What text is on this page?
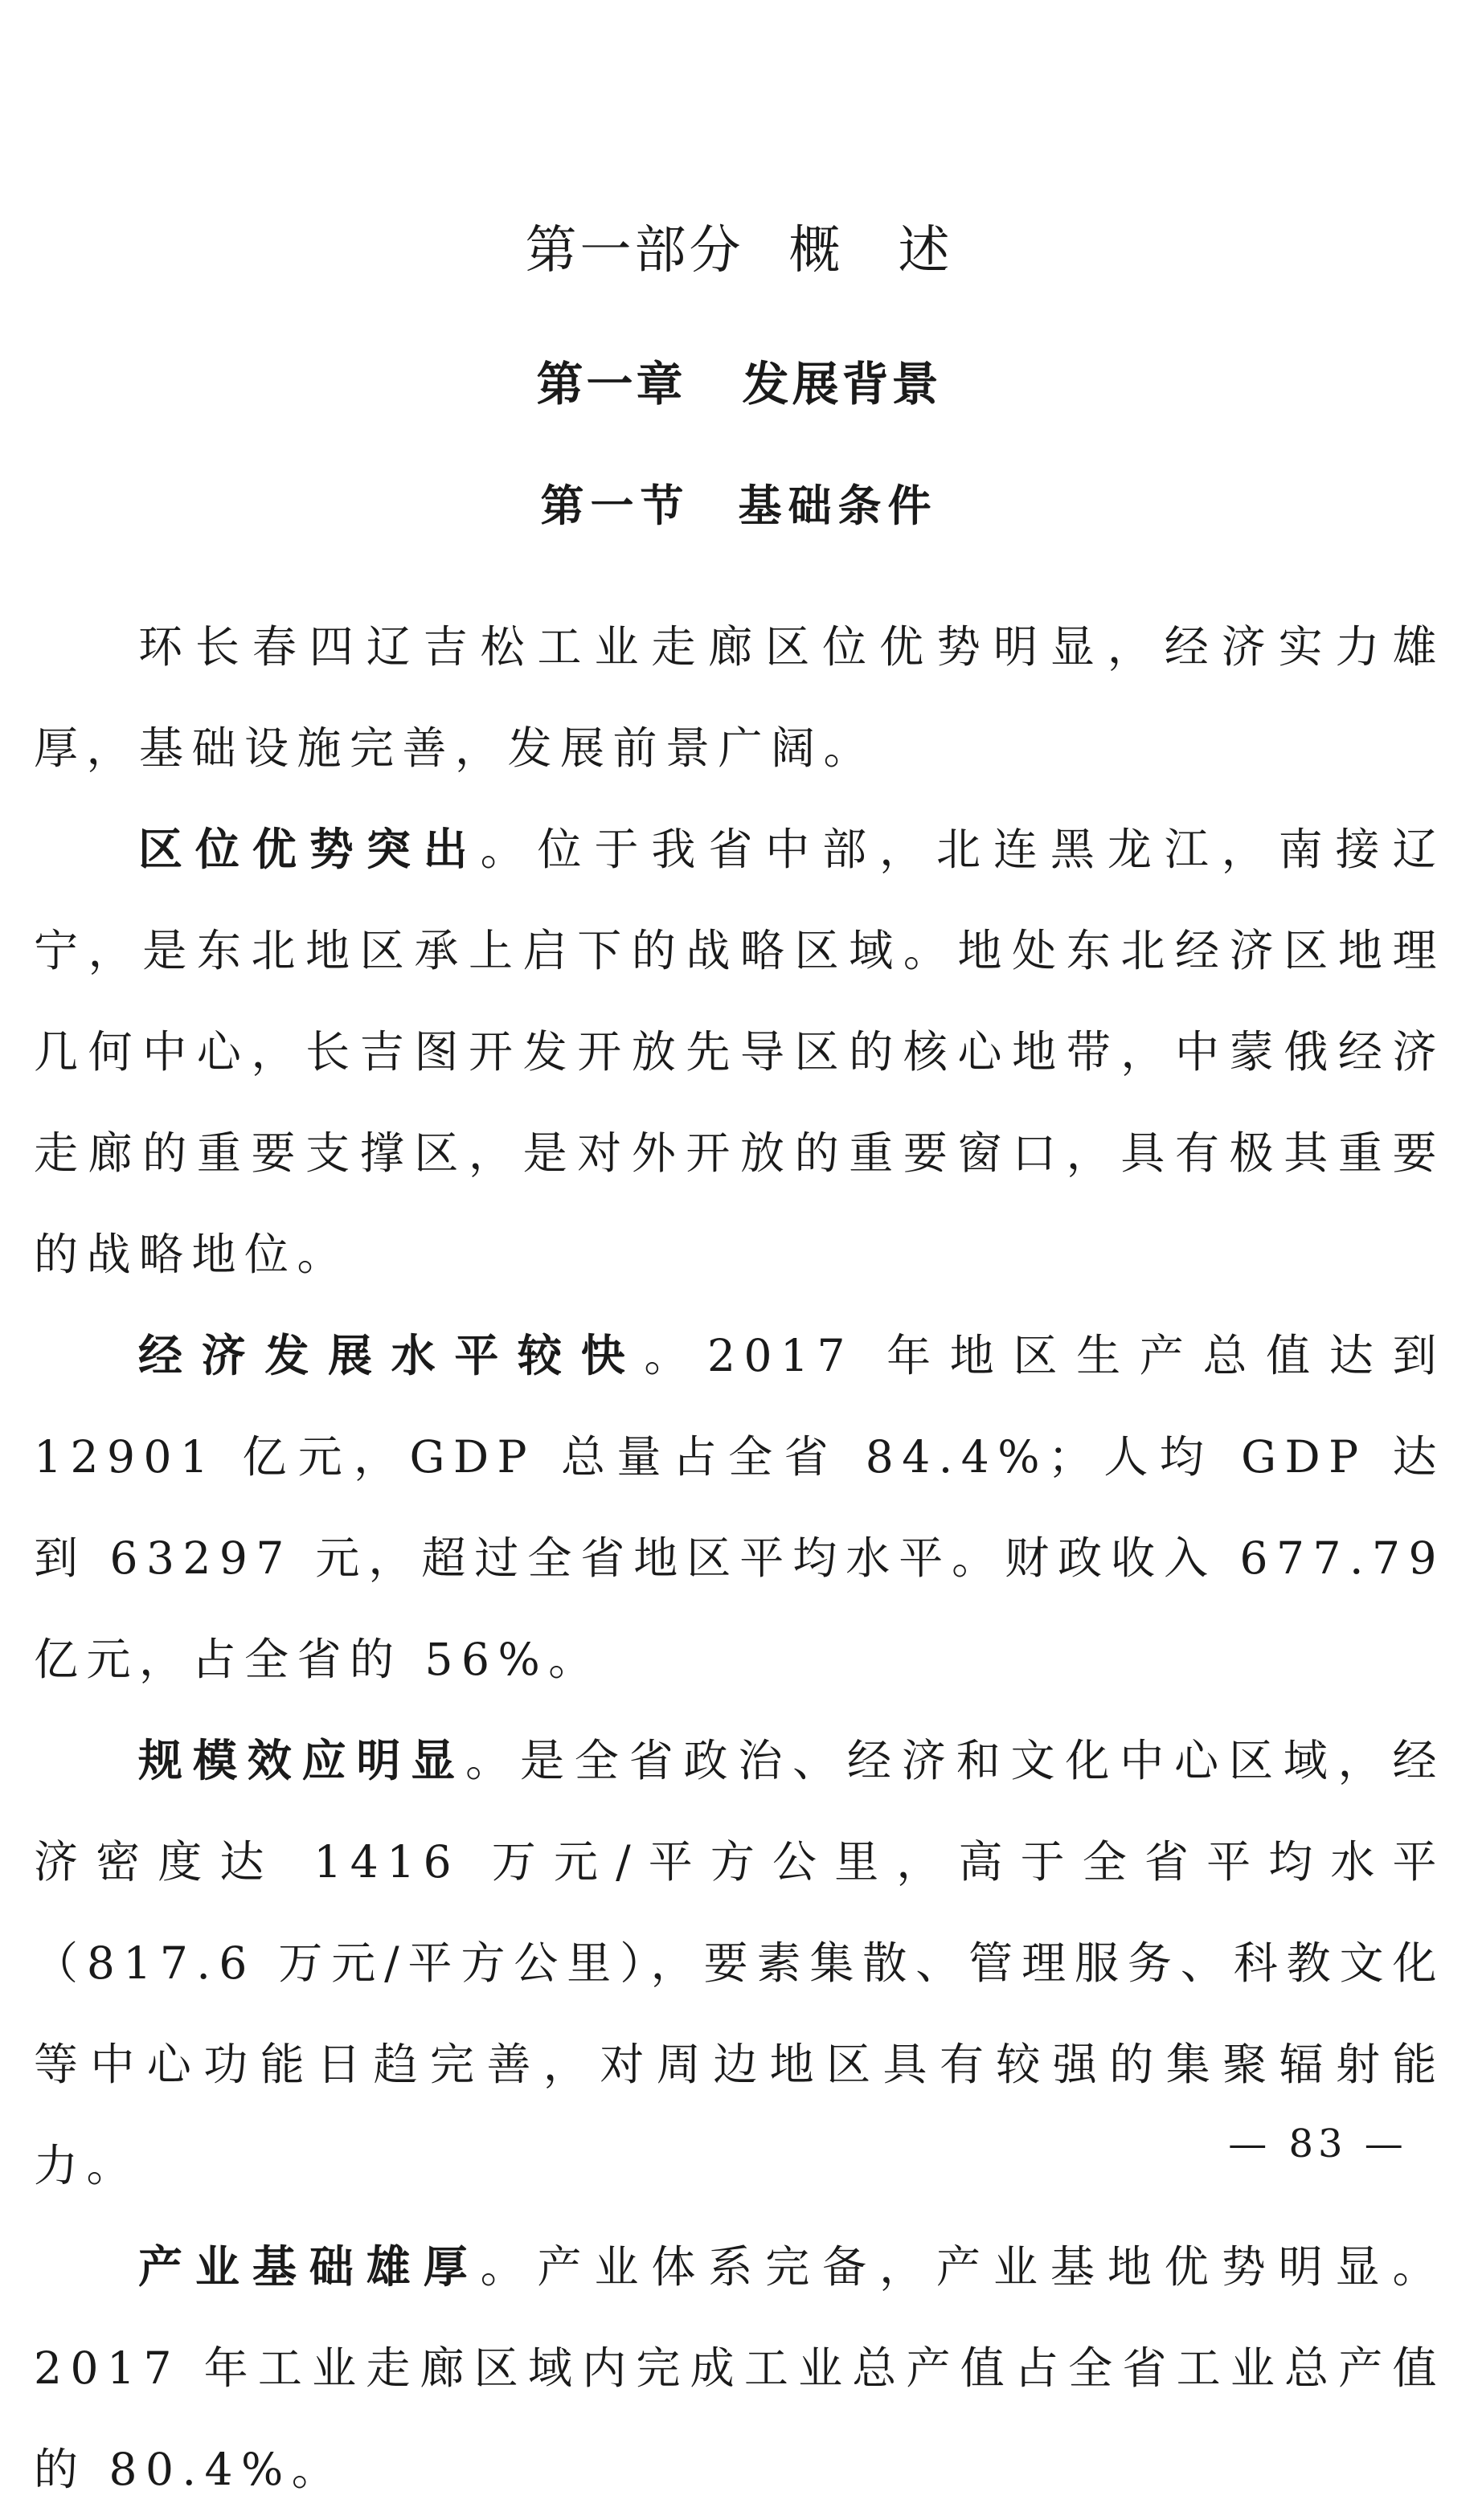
第一部分 概　述
第一章 发展背景
第一节 基础条件

环长春四辽吉松工业走廊区位优势明显，经济实力雄厚，基础设施完善，发展前景广阔。

区位优势突出。位于我省中部，北连黑龙江，南接辽宁，是东北地区承上启下的战略区域。地处东北经济区地理几何中心，长吉图开发开放先导区的核心地带，中蒙俄经济走廊的重要支撑区，是对外开放的重要窗口，具有极其重要的战略地位。

经济发展水平较快。2017 年地区生产总值达到 12901 亿元，GDP 总量占全省 84.4%；人均 GDP 达到 63297 元，超过全省地区平均水平。财政收入 677.79 亿元，占全省的 56%。

规模效应明显。是全省政治、经济和文化中心区域，经济密度达 1416 万元/平方公里，高于全省平均水平（817.6 万元/平方公里），要素集散、管理服务、科教文化等中心功能日趋完善，对周边地区具有较强的集聚辐射能力。

产业基础雄厚。产业体系完备，产业基地优势明显。2017 年工业走廊区域内完成工业总产值占全省工业总产值的 80.4%。

— 83 —
